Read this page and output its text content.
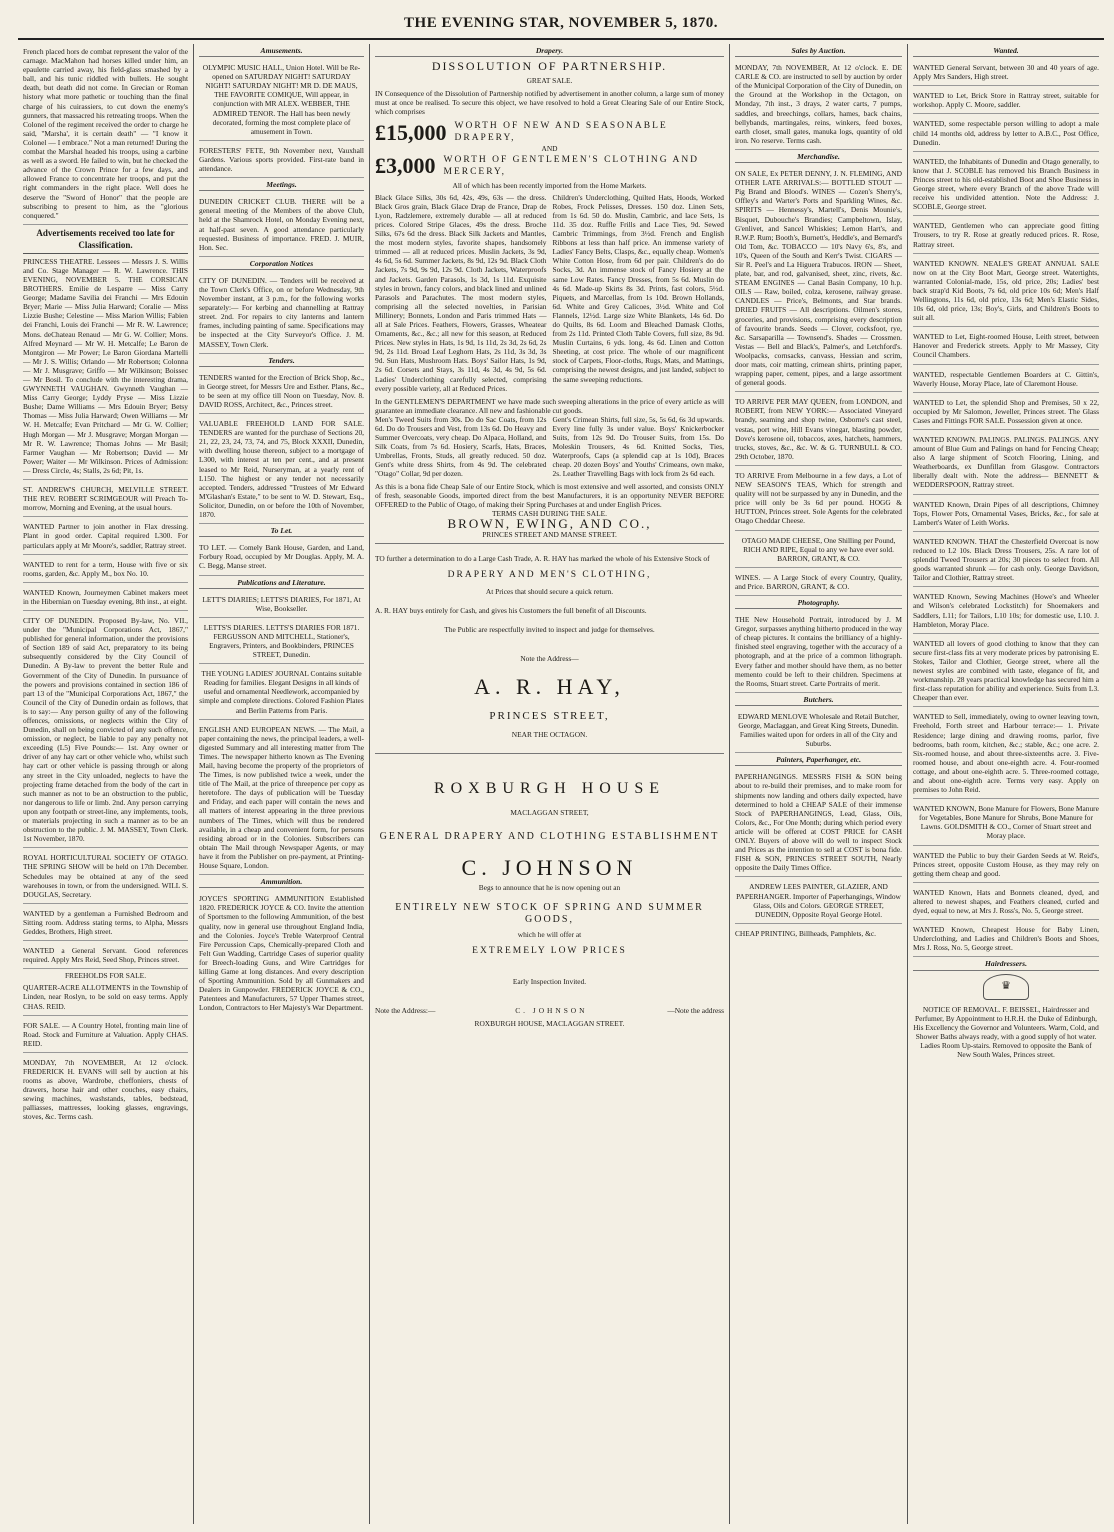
THE EVENING STAR, NOVEMBER 5, 1870.
French placed hors de combat represent the valor of the carnage. MacMahon had horses killed under him, an epaulette carried away, his field-glass smashed by a ball, and his tunic riddled with bullets. He sought death, but death did not come. In Grecian or Roman history what more pathetic or touching than the final charge of his cuirassiers, to cut down the enemy's gunners, that massacred his retreating troops. When the Colonel of the regiment received the order to charge he said, "Marsha', it is certain death" — "I know it Colonel — I embrace." Not a man returned! During the combat the Marshal headed his troops, using a carbine as well as a sword. He failed to win, but he checked the advance of the Crown Prince for a few days, and allowed France to concentrate her troops, and put the right commanders in the right place. Well does he deserve the "Sword of Honor" that the people are subscribing to present to him, as the "glorious conquered."
Advertisements received too late for Classification.
PRINCESS THEATRE. Lessees — Messrs J. S. Willis and Co. Stage Manager — R. W. Lawrence. THIS EVENING, NOVEMBER 5. THE CORSICAN BROTHERS. Emilie de Lesparre — Miss Carry George; Madame Savilia dei Franchi — Mrs Edouin Bryer; Marie — Miss Julia Harward; Coralie — Miss Lizzie Bushe; Celestine — Miss Marion Willis; Fabien dei Franchi, Louis dei Franchi — Mr R. W. Lawrence; Mons. deChateau Renaud — Mr G. W. Collier; Mons. Alfred Meynard — Mr W. H. Metcalfe; Le Baron de Montgiron — Mr Power; Le Baron Giordana Martelli — Mr J. S. Willis; Orlando — Mr Robertson; Colonna — Mr J. Musgrave; Griffo — Mr Wilkinson; Boissec — Mr Bosil. To conclude with the interesting drama, GWYNNETH VAUGHAN. Gwynneth Vaughan — Miss Carry George; Lyddy Pryse — Miss Lizzie Bushe; Dame Williams — Mrs Edouin Bryer; Betsy Thomas — Miss Julia Harward; Owen Williams — Mr W. H. Metcalfe; Evan Pritchard — Mr G. W. Collier; Hugh Morgan — Mr J. Musgrave; Morgan Morgan — Mr R. W. Lawrence; Thomas Johns — Mr Basil; Farmer Vaughan — Mr Robertson; David — Mr Power; Waiter — Mr Wilkinson. Prices of Admission: — Dress Circle, 4s; Stalls, 2s 6d; Pit, 1s.
ST. ANDREW'S CHURCH, MELVILLE STREET. THE REV. ROBERT SCRIMGEOUR will Preach To-morrow, Morning and Evening, at the usual hours.
WANTED Partner to join another in Flax dressing. Plant in good order. Capital required L300. For particulars apply at Mr Moore's, saddler, Rattray street.
WANTED to rent for a term, House with five or six rooms, garden, &c. Apply M., box No. 10.
WANTED Known, Journeymen Cabinet makers meet in the Hibernian on Tuesday evening, 8th inst., at eight.
CITY OF DUNEDIN. Proposed By-law, No. VII., under the "Municipal Corporations Act, 1867," published for general information, under the provisions of Section 189 of said Act, preparatory to its being subsequently considered by the City Council of Dunedin. A By-law to prevent the better Rule and Government of the City of Dunedin. In pursuance of the powers and provisions contained in section 186 of part 13 of the "Municipal Corporations Act, 1867," the Council of the City of Dunedin ordain as follows, that is to say:— Any person guilty of any of the following offences, omissions, or neglects within the City of Dunedin, shall on being convicted of any such offence, omission, or neglect, be liable to pay any penalty not exceeding (L5) Five Pounds:— 1st. Any owner or driver of any hay cart or other vehicle who, whilst such hay cart or other vehicle is passing through or along any street in the City unloaded, neglects to have the projecting frame detached from the body of the cart in such manner as not to be an obstruction to the public, nor dangerous to life or limb. 2nd. Any person carrying upon any footpath or street-line, any implements, tools, or materials projecting in such a manner as to be an obstruction to the public. J. M. MASSEY, Town Clerk. 1st November, 1870.
ROYAL HORTICULTURAL SOCIETY OF OTAGO. THE SPRING SHOW will be held on 17th December. Schedules may be obtained at any of the seed warehouses in town, or from the undersigned. WILL S. DOUGLAS, Secretary.
WANTED by a gentleman a Furnished Bedroom and Sitting room. Address stating terms, to Alpha, Messrs Geddes, Brothers, High street.
WANTED a General Servant. Good references required. Apply Mrs Reid, Seed Shop, Princes street.
FREEHOLDS FOR SALE.
QUARTER-ACRE ALLOTMENTS in the Township of Linden, near Roslyn, to be sold on easy terms. Apply CHAS. REID.
FOR SALE. — A Country Hotel, fronting main line of Road. Stock and Furniture at Valuation. Apply CHAS. REID.
MONDAY, 7th NOVEMBER, At 12 o'clock. FREDERICK H. EVANS will sell by auction at his rooms as above, Wardrobe, cheffoniers, chests of drawers, horse hair and other couches, easy chairs, sewing machines, washstands, tables, bedstead, palliasses, mattresses, looking glasses, engravings, stoves, &c. Terms cash.
Amusements.
OLYMPIC MUSIC HALL, Union Hotel. Will be Re-opened on SATURDAY NIGHT! SATURDAY NIGHT! SATURDAY NIGHT! MR D. DE MAUS, THE FAVORITE COMIQUE, Will appear, in conjunction with MR ALEX. WEBBER, THE ADMIRED TENOR. The Hall has been newly decorated, forming the most complete place of amusement in Town.
FORESTERS' FETE, 9th November next, Vauxhall Gardens. Various sports provided. First-rate band in attendance.
Meetings.
DUNEDIN CRICKET CLUB. THERE will be a general meeting of the Members of the above Club, held at the Shamrock Hotel, on Monday Evening next, at half-past seven. A good attendance particularly requested. Business of importance. FRED. J. MUIR, Hon. Sec.
Corporation Notices
CITY OF DUNEDIN. — Tenders will be received at the Town Clerk's Office, on or before Wednesday, 9th November instant, at 3 p.m., for the following works separately:— For kerbing and channelling at Rattray street. 2nd. For repairs to city lanterns and lantern frames, including painting of same. Specifications may be inspected at the City Surveyor's Office. J. M. MASSEY, Town Clerk.
Tenders.
TENDERS wanted for the Erection of Brick Shop, &c., in George street, for Messrs Ure and Esther. Plans, &c., to be seen at my office till Noon on Tuesday, Nov. 8. DAVID ROSS, Architect, &c., Princes street.
VALUABLE FREEHOLD LAND FOR SALE. TENDERS are wanted for the purchase of Sections 20, 21, 22, 23, 24, 73, 74, and 75, Block XXXII, Dunedin, with dwelling house thereon, subject to a mortgage of L300, with interest at ten per cent., and at present leased to Mr Reid, Nurseryman, at a yearly rent of L150. The highest or any tender not necessarily accepted. Tenders, addressed "Trustees of Mr Edward M'Glashan's Estate," to be sent to W. D. Stewart, Esq., Solicitor, Dunedin, on or before the 10th of November, 1870.
To Let.
TO LET. — Comely Bank House, Garden, and Land, Forbury Road, occupied by Mr Douglas. Apply, M. A. C. Begg, Manse street.
Publications and Literature.
LETT'S DIARIES; LETTS'S DIARIES, For 1871, At Wise, Bookseller.
LETTS'S DIARIES. LETTS'S DIARIES FOR 1871. FERGUSSON AND MITCHELL, Stationer's, Engravers, Printers, and Bookbinders, PRINCES STREET, Dunedin.
THE YOUNG LADIES' JOURNAL Contains suitable Reading for families. Elegant Designs in all kinds of useful and ornamental Needlework, accompanied by simple and complete directions. Colored Fashion Plates and Berlin Patterns from Paris.
ENGLISH AND EUROPEAN NEWS. — The Mail, a paper containing the news, the principal leaders, a well-digested Summary and all interesting matter from The Times. The newspaper hitherto known as The Evening Mail, having become the property of the proprietors of The Times, is now published twice a week, under the title of The Mail, at the price of threepence per copy as heretofore. The days of publication will be Tuesday and Friday, and each paper will contain the news and all matters of interest appearing in the three previous numbers of The Times, which will thus be rendered available, in a cheap and convenient form, for persons residing abroad or in the Colonies. Subscribers can obtain The Mail through Newspaper Agents, or may have it from the Publisher on pre-payment, at Printing-House Square, London.
Ammunition.
JOYCE'S SPORTING AMMUNITION Established 1820. FREDERICK JOYCE & CO. Invite the attention of Sportsmen to the following Ammunition, of the best quality, now in general use throughout England India, and the Colonies. Joyce's Treble Waterproof Central Fire Percussion Caps, Chemically-prepared Cloth and Felt Gun Wadding, Cartridge Cases of superior quality for Breech-loading Guns, and Wire Cartridges for killing Game at long distances. And every description of Sporting Ammunition. Sold by all Gunmakers and Dealers in Gunpowder. FREDERICK JOYCE & CO., Patentees and Manufacturers, 57 Upper Thames street, London, Contractors to Her Majesty's War Department.
Drapery.
DISSOLUTION OF PARTNERSHIP.
GREAT SALE.
IN Consequence of the Dissolution of Partnership notified by advertisement in another column, a large sum of money must at once be realised. To secure this object, we have resolved to hold a Great Clearing Sale of our Entire Stock, which comprises
£15,000 WORTH OF NEW AND SEASONABLE DRAPERY,
AND
£3,000 WORTH OF GENTLEMEN'S CLOTHING AND MERCERY,
All of which has been recently imported from the Home Markets.
Black Glace Silks, 30s 6d, 42s, 49s, 63s — the dress. Black Gros grain, Black Glace Drap de France, Drap de Lyon, Radzlemere, extremely durable — all at reduced prices. Colored Stripe Glaces, 49s the dress. Broche Silks, 67s 6d the dress. Black Silk Jackets and Mantles, the most modern styles, favorite shapes, handsomely trimmed — all at reduced prices. Muslin Jackets, 3s 9d, 4s 6d, 5s 6d. Summer Jackets, 8s 9d, 12s 9d. Black Cloth Jackets, 7s 9d, 9s 9d, 12s 9d. Cloth Jackets, Waterproofs and Jackets. Garden Parasols, 1s 3d, 1s 11d. Exquisite styles in brown, fancy colors, and black lined and unlined Parasols and Parachutes. The most modern styles, comprising all the selected novelties, in Parisian Millinery; Bonnets, London and Paris trimmed Hats — all at Sale Prices. Feathers, Flowers, Grasses, Wheatear Ornaments, &c., &c.; all new for this season, at Reduced Prices. New styles in Hats, 1s 9d, 1s 11d, 2s 3d, 2s 6d, 2s 9d, 2s 11d. Broad Leaf Leghorn Hats, 2s 11d, 3s 3d, 3s 9d. Sun Hats, Mushroom Hats. Boys' Sailor Hats, 1s 9d, 2s 6d. Corsets and Stays, 3s 11d, 4s 3d, 4s 9d, 5s 6d. Ladies' Underclothing carefully selected, comprising every possible variety, all at Reduced Prices.
Children's Underclothing, Quilted Hats, Hoods, Worked Robes, Frock Pelisses, Dresses. 150 doz. Linen Sets, from 1s 6d. 50 do. Muslin, Cambric, and lace Sets, 1s 11d. 35 doz. Ruffle Frills and Lace Ties, 9d. Sewed Cambric Trimmings, from 3½d. French and English Ribbons at less than half price. An immense variety of Ladies' Fancy Belts, Clasps, &c., equally cheap. Women's White Cotton Hose, from 6d per pair. Children's do do Socks, 3d. An immense stock of Fancy Hosiery at the same Low Rates. Fancy Dresses, from 5s 6d. Muslin do 4s 6d. Made-up Skirts 8s 3d. Prints, fast colors, 5½d. Piquets, and Marcellas, from 1s 10d. Brown Hollands, 6d. White and Grey Calicoes, 3½d. White and Col Flannels, 12½d. Large size White Blankets, 14s 6d. Do do Quilts, 8s 6d. Loom and Bleached Damask Cloths, from 2s 11d. Printed Cloth Table Covers, full size, 8s 9d. Muslin Curtains, 6 yds. long, 4s 6d. Linen and Cotton Sheeting, at cost price. The whole of our magnificent stock of Carpets, Floor-cloths, Rugs, Mats, and Mattings, comprising the newest designs, and just landed, subject to the same sweeping reductions.
In the GENTLEMEN'S DEPARTMENT we have made such sweeping alterations in the price of every article as will guarantee an immediate clearance. All new and fashionable cut goods.
Men's Tweed Suits from 30s. Do do Sac Coats, from 12s 6d. Do do Trousers and Vest, from 13s 6d. Do Heavy and Summer Overcoats, very cheap. Do Alpaca, Holland, and Silk Coats, from 7s 6d. Hosiery, Scarfs, Hats, Braces, Umbrellas, Fronts, Studs, all greatly reduced. 50 doz. Gent's white dress Shirts, from 4s 9d. The celebrated "Otago" Collar, 9d per dozen.
Gent's Crimean Shirts, full size, 5s, 5s 6d, 6s 3d upwards. Every line fully 3s under value. Boys' Knickerbocker Suits, from 12s 9d. Do Trouser Suits, from 15s. Do Moleskin Trousers, 4s 6d. Knitted Socks, Ties, Waterproofs, Caps (a splendid cap at 1s 10d), Braces cheap. 20 dozen Boys' and Youths' Crimeans, own make, 2s. Leather Travelling Bags with lock from 2s 6d each.
As this is a bona fide Cheap Sale of our Entire Stock, which is most extensive and well assorted, and consists ONLY of fresh, seasonable Goods, imported direct from the best Manufacturers, it is an opportunity NEVER BEFORE OFFERED to the Public of Otago, of making their Spring Purchases at and under English Prices.
TERMS CASH DURING THE SALE.
BROWN, EWING, AND CO.,
PRINCES STREET AND MANSE STREET.
TO further a determination to do a Large Cash Trade, A. R. HAY has marked the whole of his Extensive Stock of
DRAPERY AND MEN'S CLOTHING,
At Prices that should secure a quick return.
A. R. HAY buys entirely for Cash, and gives his Customers the full benefit of all Discounts.
The Public are respectfully invited to inspect and judge for themselves.
Note the Address—
A. R. HAY,
PRINCES STREET,
NEAR THE OCTAGON.
ROXBURGH HOUSE
MACLAGGAN STREET,
GENERAL DRAPERY AND CLOTHING ESTABLISHMENT
C. JOHNSON
Begs to announce that he is now opening out an
ENTIRELY NEW STOCK OF SPRING AND SUMMER GOODS,
which he will offer at
EXTREMELY LOW PRICES
Early Inspection Invited.
Note the Address:—	C. JOHNSON	—Note the address
ROXBURGH HOUSE, MACLAGGAN STREET.
Sales by Auction.
MONDAY, 7th NOVEMBER, At 12 o'clock. E. DE CARLE & CO. are instructed to sell by auction by order of the Municipal Corporation of the City of Dunedin, on the Ground at the Workshop in the Octagon, on Monday, 7th inst., 3 drays, 2 water carts, 7 pumps, saddles, and breechings, collars, hames, back chains, bellybands, martingales, reins, winkers, feed boxes, earth closet, small gates, manuka logs, quantity of old iron. No reserve. Terms cash.
Merchandise.
ON SALE, Ex PETER DENNY, J. N. FLEMING, AND OTHER LATE ARRIVALS:— BOTTLED STOUT — Pig Brand and Blood's. WINES — Cozen's Sherry's, Offley's and Warter's Ports and Sparkling Wines, &c. SPIRITS — Hennessy's, Martell's, Denis Mounie's, Bisquet, Dubouche's Brandies; Campbeltown, Islay, G'enlivet, and Sancel Whiskies; Lemon Hart's, and R.W.P. Rum; Booth's, Burnett's, Heddle's, and Bernard's Old Tom, &c. TOBACCO — 10's Navy 6's, 8's, and 10's, Queen of the South and Kerr's Twist. CIGARS — Sir R. Peel's and La Higuera Trabucos. IRON — Sheet, plate, bar, and rod, galvanised, sheet, zinc, rivets, &c. STEAM ENGINES — Canal Basin Company, 10 h.p. OILS — Raw, boiled, colza, kerosene, railway grease. CANDLES — Price's, Belmonts, and Star brands. DRIED FRUITS — All descriptions. Oilmen's stores, groceries, and provisions, comprising every description of favourite brands. Seeds — Clover, cocksfoot, rye, &c. Sarsaparilla — Townsend's. Shades — Crossmen. Vestas — Bell and Black's, Palmer's, and Letchford's. Woolpacks, cornsacks, canvass, Hessian and scrim, door mats, coir matting, crimean shirts, printing paper, wrapping paper, cement, pipes, and a large assortment of general goods.
TO ARRIVE PER MAY QUEEN, from LONDON, and ROBERT, from NEW YORK:— Associated Vineyard brandy, seaming and shop twine, Osborne's cast steel, vestas, port wine, Hill Evans vinegar, blasting powder, Dove's kerosene oil, tobaccos, axes, hatchets, hammers, trucks, stoves, &c., &c. W. & G. TURNBULL & CO. 29th October, 1870.
TO ARRIVE From Melbourne in a few days, a Lot of NEW SEASON'S TEAS, Which for strength and quality will not be surpassed by any in Dunedin, and the price will only be 3s 6d per pound. HOGG & HUTTON, Princes street. Sole Agents for the celebrated Otago Cheddar Cheese.
OTAGO MADE CHEESE, One Shilling per Pound, RICH AND RIPE, Equal to any we have ever sold. BARRON, GRANT, & CO.
WINES. — A Large Stock of every Country, Quality, and Price. BARRON, GRANT, & CO.
Photography.
THE New Household Portrait, introduced by J. M Gregor, surpasses anything hitherto produced in the way of cheap pictures. It contains the brilliancy of a highly-finished steel engraving, together with the accuracy of a photograph, and at the price of a common lithograph. Every father and mother should have them, as no better memento could be left to their children. Specimens at the Rooms, Stuart street. Carte Portraits of merit.
Butchers.
EDWARD MENLOVE Wholesale and Retail Butcher, George, Maclaggan, and Great King Streets, Dunedin. Families waited upon for orders in all of the City and Suburbs.
Painters, Paperhanger, etc.
PAPERHANGINGS. MESSRS FISH & SON being about to re-build their premises, and to make room for shipments now landing and others daily expected, have determined to hold a CHEAP SALE of their immense Stock of PAPERHANGINGS, Lead, Glass, Oils, Colors, &c., For One Month; during which period every article will be offered at COST PRICE for CASH ONLY. Buyers of above will do well to inspect Stock and Prices as the intention to sell at COST is bona fide. FISH & SON, PRINCES STREET SOUTH, Nearly opposite the Daily Times Office.
ANDREW LEES PAINTER, GLAZIER, AND PAPERHANGER. Importer of Paperhangings, Window Glass, Oils and Colors. GEORGE STREET, DUNEDIN, Opposite Royal George Hotel.
CHEAP PRINTING, Billheads, Pamphlets, &c.
Wanted.
WANTED General Servant, between 30 and 40 years of age. Apply Mrs Sanders, High street.
WANTED to Let, Brick Store in Rattray street, suitable for workshop. Apply C. Moore, saddler.
WANTED, some respectable person willing to adopt a male child 14 months old, address by letter to A.B.C., Post Office, Dunedin.
WANTED, the Inhabitants of Dunedin and Otago generally, to know that J. SCOBLE has removed his Branch Business in Princes street to his old-established Boot and Shoe Business in George street, where every Branch of the above Trade will receive his undivided attention. Note the Address: J. SCOBLE, George street.
WANTED, Gentlemen who can appreciate good fitting Trousers, to try R. Rose at greatly reduced prices. R. Rose, Rattray street.
WANTED KNOWN. NEALE'S GREAT ANNUAL SALE now on at the City Boot Mart, George street. Watertights, warranted Colonial-made, 15s, old price, 20s; Ladies' best back strap'd Kid Boots, 7s 6d, old price 10s 6d; Men's Half Wellingtons, 11s 6d, old price, 13s 6d; Men's Elastic Sides, 10s 6d, old price, 13s; Boy's, Girls, and Children's Boots to suit all.
WANTED to Let, Eight-roomed House, Leith street, between Hanover and Frederick streets. Apply to Mr Massey, City Council Chambers.
WANTED, respectable Gentlemen Boarders at C. Gittin's, Waverly House, Moray Place, late of Claremont House.
WANTED to Let, the splendid Shop and Premises, 50 x 22, occupied by Mr Salomon, Jeweller, Princes street. The Glass Cases and Fittings FOR SALE. Possession given at once.
WANTED KNOWN. PALINGS. PALINGS. PALINGS. ANY amount of Blue Gum and Palings on hand for Fencing Cheap; also A large shipment of Scotch Flooring, Lining, and Weatherboards, ex Dunfillan from Glasgow. Contractors liberally dealt with. Note the address— BENNETT & WEDDERSPOON, Rattray street.
WANTED Known, Drain Pipes of all descriptions, Chimney Tops, Flower Pots, Ornamental Vases, Bricks, &c., for sale at Lambert's Water of Leith Works.
WANTED KNOWN. THAT the Chesterfield Overcoat is now reduced to L2 10s. Black Dress Trousers, 25s. A rare lot of splendid Tweed Trousers at 20s; 30 pieces to select from. All goods warranted shrunk — for cash only. George Davidson, Tailor and Clothier, Rattray street.
WANTED Known, Sewing Machines (Howe's and Wheeler and Wilson's celebrated Lockstitch) for Shoemakers and Saddlers, L11; for Tailors, L10 10s; for domestic use, L10. J. Hambleton, Moray Place.
WANTED all lovers of good clothing to know that they can secure first-class fits at very moderate prices by patronising E. Stokes, Tailor and Clothier, George street, where all the newest styles are combined with taste, elegance of fit, and workmanship. 28 years practical knowledge has secured him a first-class reputation for ability and experience. Suits from L3. Cheaper than ever.
WANTED to Sell, immediately, owing to owner leaving town, Freehold, Forth street and Harbour terrace:— 1. Private Residence; large dining and drawing rooms, parlor, five bedrooms, bath room, kitchen, &c.; stable, &c.; one acre. 2. Six-roomed house, and about three-sixteenths acre. 3. Five-roomed house, and about one-eighth acre. 4. Four-roomed cottage, and about one-eighth acre. 5. Three-roomed cottage, and about one-eighth acre. Terms very easy. Apply on premises to John Reid.
WANTED KNOWN, Bone Manure for Flowers, Bone Manure for Vegetables, Bone Manure for Shrubs, Bone Manure for Lawns. GOLDSMITH & CO., Corner of Stuart street and Moray place.
WANTED the Public to buy their Garden Seeds at W. Reid's, Princes street, opposite Custom House, as they may rely on getting them cheap and good.
WANTED Known, Hats and Bonnets cleaned, dyed, and altered to newest shapes, and Feathers cleaned, curled and dyed, equal to new, at Mrs J. Ross's, No. 5, George street.
WANTED Known, Cheapest House for Baby Linen, Underclothing, and Ladies and Children's Boots and Shoes, Mrs J. Ross, No. 5, George street.
Hairdressers.
♛
NOTICE OF REMOVAL. F. BEISSEL, Hairdresser and Perfumer, By Appointment to H.R.H. the Duke of Edinburgh, His Excellency the Governor and Volunteers. Warm, Cold, and Shower Baths always ready, with a good supply of hot water. Ladies Room Up-stairs. Removed to opposite the Bank of New South Wales, Princes street.
